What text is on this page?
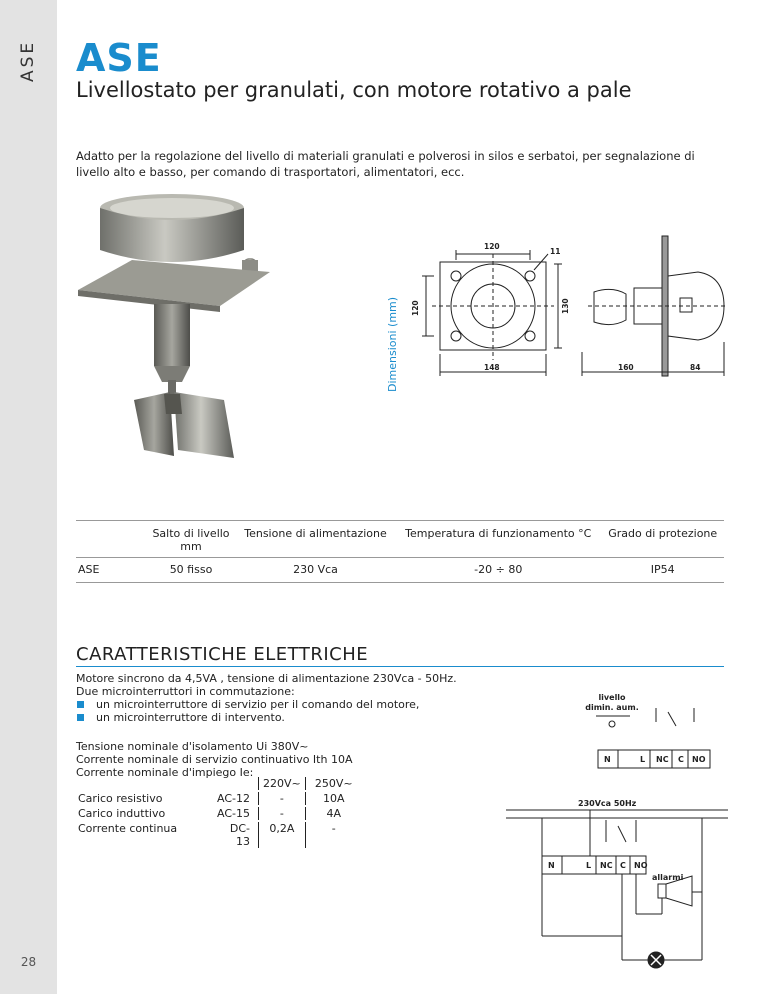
ASE
28
ASE
Livellostato per granulati, con motore rotativo a pale
Adatto per la regolazione del livello di materiali granulati e polverosi in silos e serbatoi, per segnalazione di livello alto e basso, per comando di trasportatori, alimentatori, ecc.
Dimensioni (mm)
120
11
120	130
148	160	84
	Salto di livello mm	Tensione di alimentazione	Temperatura di funzionamento °C	Grado di protezione
ASE	50 fisso	230 Vca	-20 ÷ 80	IP54
CARATTERISTICHE ELETTRICHE
Motore sincrono da 4,5VA , tensione di alimentazione 230Vca - 50Hz.
Due microinterruttori in commutazione:
un microinterruttore di servizio per il comando del motore,
un microinterruttore di intervento.
Tensione nominale d'isolamento Ui 380V~
Corrente nominale di servizio continuativo Ith 10A
Corrente nominale d'impiego Ie:
		220V~	250V~
Carico resistivo	AC-12	-	10A
Carico induttivo	AC-15	-	4A
Corrente continua	DC-13	0,2A	-
livello
dimin. aum.
230Vca 50Hz
allarmi
N	L NC C NO
N	L NC C NO
